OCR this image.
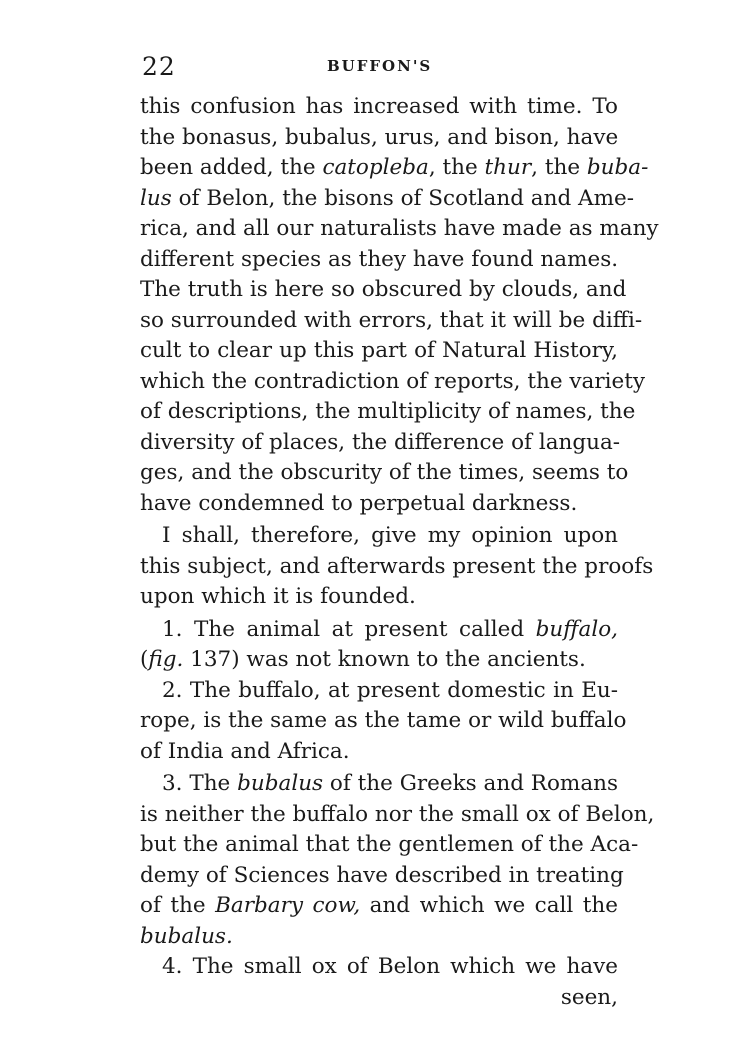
22	BUFFON'S
this confusion has increased with time. To
the bonasus, bubalus, urus, and bison, have
been added, the catopleba, the thur, the buba-
lus of Belon, the bisons of Scotland and Ame-
rica, and all our naturalists have made as many
different species as they have found names.
The truth is here so obscured by clouds, and
so surrounded with errors, that it will be diffi-
cult to clear up this part of Natural History,
which the contradiction of reports, the variety
of descriptions, the multiplicity of names, the
diversity of places, the difference of langua-
ges, and the obscurity of the times, seems to
have condemned to perpetual darkness.
I shall, therefore, give my opinion upon
this subject, and afterwards present the proofs
upon which it is founded.
1. The animal at present called buffalo,
(fig. 137) was not known to the ancients.
2. The buffalo, at present domestic in Eu-
rope, is the same as the tame or wild buffalo
of India and Africa.
3. The bubalus of the Greeks and Romans
is neither the buffalo nor the small ox of Belon,
but the animal that the gentlemen of the Aca-
demy of Sciences have described in treating
of the Barbary cow, and which we call the
bubalus.
4. The small ox of Belon which we have
seen,
